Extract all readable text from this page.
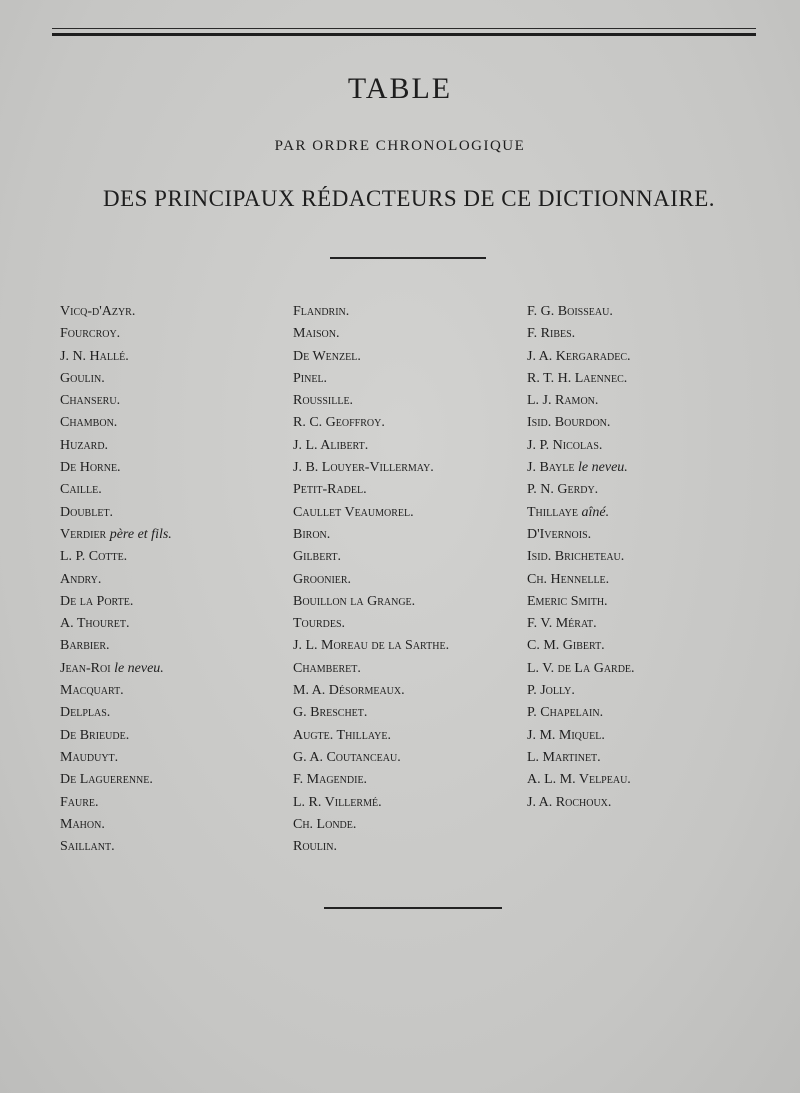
TABLE
PAR ORDRE CHRONOLOGIQUE
DES PRINCIPAUX RÉDACTEURS DE CE DICTIONNAIRE.
Vicq-d'Azyr.
Fourcroy.
J. N. Hallé.
Goulin.
Chanseru.
Chambon.
Huzard.
De Horne.
Caille.
Doublet.
Verdier père et fils.
L. P. Cotte.
Andry.
De la Porte.
A. Thouret.
Barbier.
Jean-Roi le neveu.
Macquart.
Delplas.
De Brieude.
Mauduyt.
De Laguerenne.
Faure.
Mahon.
Saillant.
Flandrin.
Maison.
De Wenzel.
Pinel.
Roussille.
R. C. Geoffroy.
J. L. Alibert.
J. B. Louyer-Villermay.
Petit-Radel.
Caullet Veaumorel.
Biron.
Gilbert.
Groonier.
Bouillon la Grange.
Tourdes.
J. L. Moreau de la Sarthe.
Chamberet.
M. A. Désormeaux.
G. Breschet.
Augte. Thillaye.
G. A. Coutanceau.
F. Magendie.
L. R. Villermé.
Ch. Londe.
Roulin.
F. G. Boisseau.
F. Ribes.
J. A. Kergaradec.
R. T. H. Laennec.
L. J. Ramon.
Isid. Bourdon.
J. P. Nicolas.
J. Bayle le neveu.
P. N. Gerdy.
Thillaye aîné.
D'Ivernois.
Isid. Bricheteau.
Ch. Hennelle.
Emeric Smith.
F. V. Mérat.
C. M. Gibert.
L. V. de La Garde.
P. Jolly.
P. Chapelain.
J. M. Miquel.
L. Martinet.
A. L. M. Velpeau.
J. A. Rochoux.
